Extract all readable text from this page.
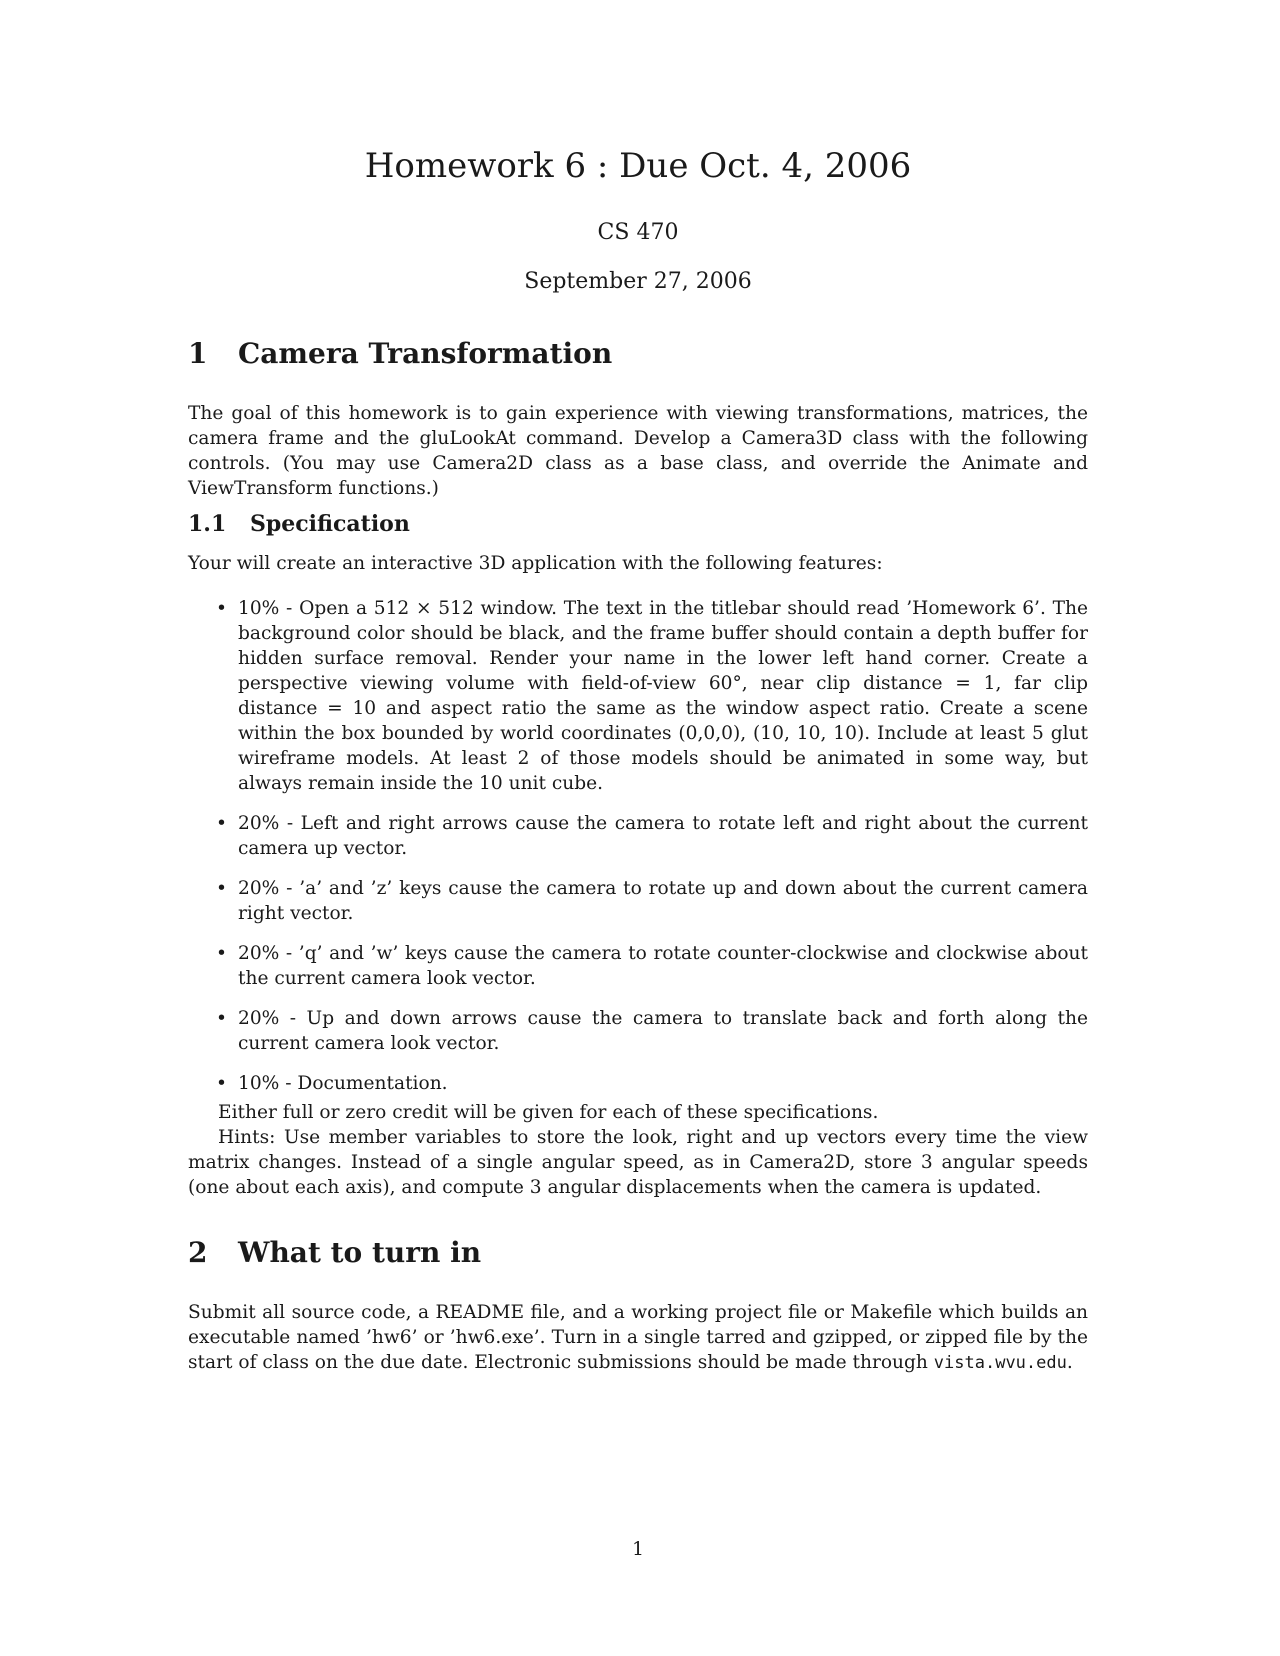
Homework 6 : Due Oct. 4, 2006
CS 470
September 27, 2006
1 Camera Transformation
The goal of this homework is to gain experience with viewing transformations, matrices, the camera frame and the gluLookAt command. Develop a Camera3D class with the following controls. (You may use Camera2D class as a base class, and override the Animate and ViewTransform functions.)
1.1 Specification
Your will create an interactive 3D application with the following features:
• 10% - Open a 512 × 512 window. The text in the titlebar should read ’Homework 6’. The background color should be black, and the frame buffer should contain a depth buffer for hidden surface removal. Render your name in the lower left hand corner. Create a perspective viewing volume with field-of-view 60°, near clip distance = 1, far clip distance = 10 and aspect ratio the same as the window aspect ratio. Create a scene within the box bounded by world coordinates (0,0,0), (10, 10, 10). Include at least 5 glut wireframe models. At least 2 of those models should be animated in some way, but always remain inside the 10 unit cube.
• 20% - Left and right arrows cause the camera to rotate left and right about the current camera up vector.
• 20% - ’a’ and ’z’ keys cause the camera to rotate up and down about the current camera right vector.
• 20% - ’q’ and ’w’ keys cause the camera to rotate counter-clockwise and clockwise about the current camera look vector.
• 20% - Up and down arrows cause the camera to translate back and forth along the current camera look vector.
• 10% - Documentation.
Either full or zero credit will be given for each of these specifications.
Hints: Use member variables to store the look, right and up vectors every time the view matrix changes. Instead of a single angular speed, as in Camera2D, store 3 angular speeds (one about each axis), and compute 3 angular displacements when the camera is updated.
2 What to turn in
Submit all source code, a README file, and a working project file or Makefile which builds an executable named ’hw6’ or ’hw6.exe’. Turn in a single tarred and gzipped, or zipped file by the start of class on the due date. Electronic submissions should be made through vista.wvu.edu.
1
